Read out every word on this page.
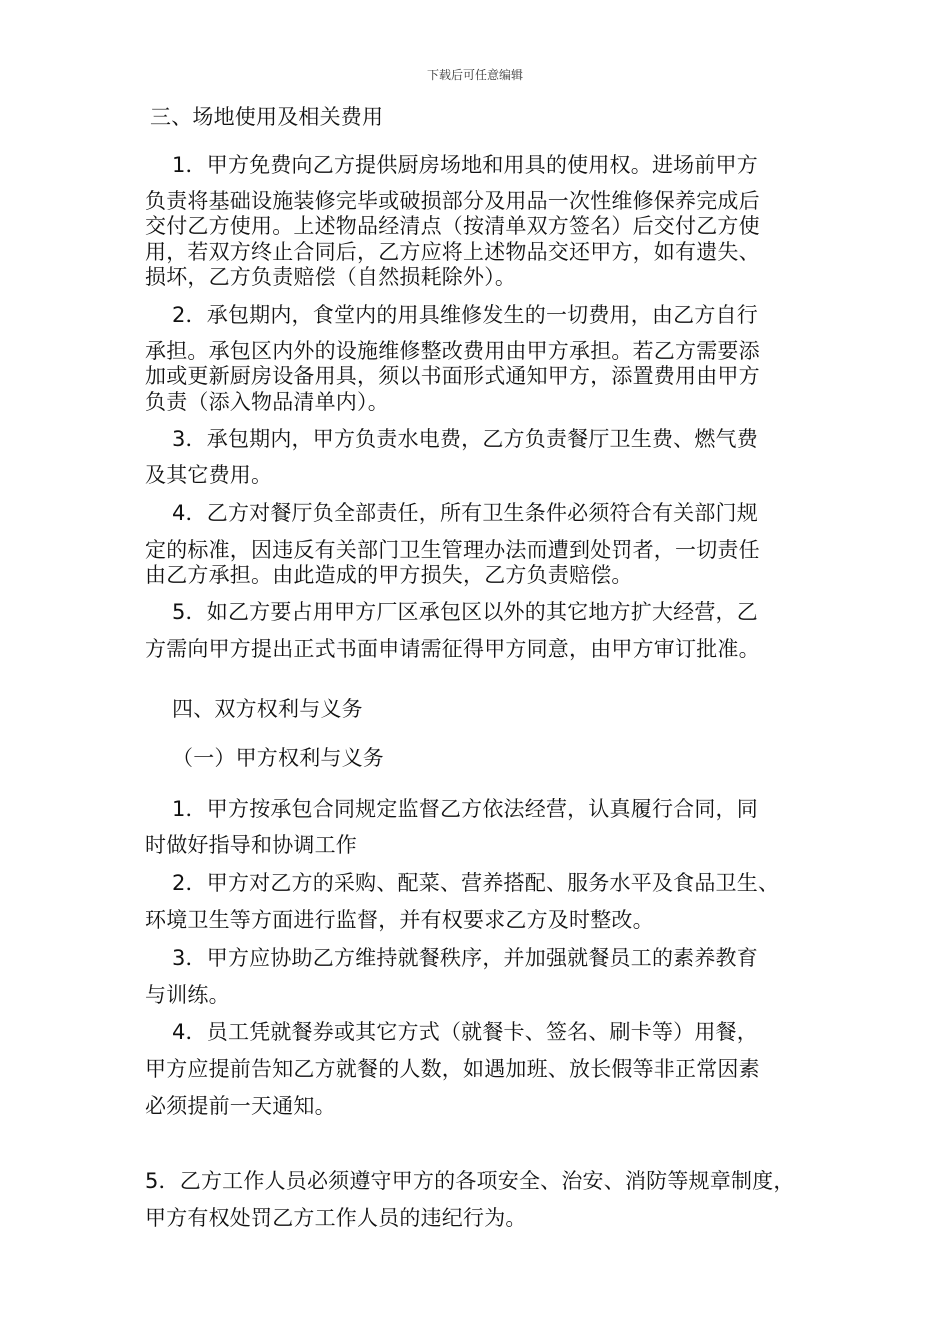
下载后可任意编辑
三、场地使用及相关费用
1．甲方免费向乙方提供厨房场地和用具的使用权。进场前甲方
负责将基础设施装修完毕或破损部分及用品一次性维修保养完成后
交付乙方使用。上述物品经清点（按清单双方签名）后交付乙方使
用，若双方终止合同后，乙方应将上述物品交还甲方，如有遗失、
损坏，乙方负责赔偿（自然损耗除外）。
2．承包期内，食堂内的用具维修发生的一切费用，由乙方自行
承担。承包区内外的设施维修整改费用由甲方承担。若乙方需要添
加或更新厨房设备用具，须以书面形式通知甲方，添置费用由甲方
负责（添入物品清单内）。
3．承包期内，甲方负责水电费，乙方负责餐厅卫生费、燃气费
及其它费用。
4．乙方对餐厅负全部责任，所有卫生条件必须符合有关部门规
定的标准，因违反有关部门卫生管理办法而遭到处罚者，一切责任
由乙方承担。由此造成的甲方损失，乙方负责赔偿。
5．如乙方要占用甲方厂区承包区以外的其它地方扩大经营，乙
方需向甲方提出正式书面申请需征得甲方同意，由甲方审订批准。
四、双方权利与义务
（一）甲方权利与义务
1．甲方按承包合同规定监督乙方依法经营，认真履行合同，同
时做好指导和协调工作
2．甲方对乙方的采购、配菜、营养搭配、服务水平及食品卫生、
环境卫生等方面进行监督，并有权要求乙方及时整改。
3．甲方应协助乙方维持就餐秩序，并加强就餐员工的素养教育
与训练。
4．员工凭就餐券或其它方式（就餐卡、签名、刷卡等）用餐，
甲方应提前告知乙方就餐的人数，如遇加班、放长假等非正常因素
必须提前一天通知。
5．乙方工作人员必须遵守甲方的各项安全、治安、消防等规章制度，
甲方有权处罚乙方工作人员的违纪行为。
